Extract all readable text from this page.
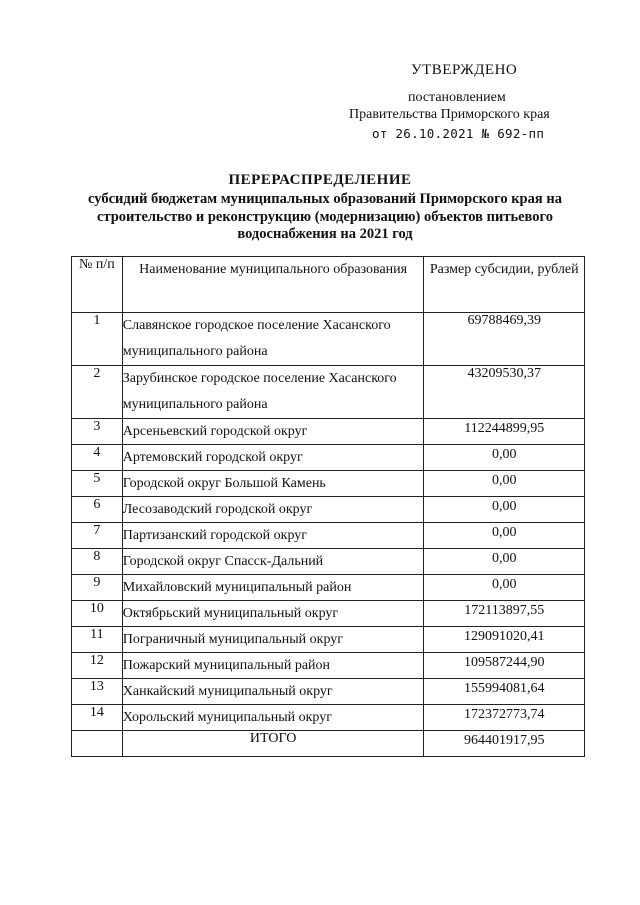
УТВЕРЖДЕНО
постановлением
Правительства Приморского края
от 26.10.2021 № 692-пп
ПЕРЕРАСПРЕДЕЛЕНИЕ
субсидий бюджетам муниципальных образований Приморского края на строительство и реконструкцию (модернизацию) объектов питьевого водоснабжения на 2021 год
№ п/п	Наименование муниципального образования	Размер субсидии, рублей
1	Славянское городское поселение Хасанского муниципального района	69788469,39
2	Зарубинское городское поселение Хасанского муниципального района	43209530,37
3	Арсеньевский городской округ	112244899,95
4	Артемовский городской округ	0,00
5	Городской округ Большой Камень	0,00
6	Лесозаводский городской округ	0,00
7	Партизанский городской округ	0,00
8	Городской округ Спасск-Дальний	0,00
9	Михайловский муниципальный район	0,00
10	Октябрьский муниципальный округ	172113897,55
11	Пограничный муниципальный округ	129091020,41
12	Пожарский муниципальный район	109587244,90
13	Ханкайский муниципальный округ	155994081,64
14	Хорольский муниципальный округ	172372773,74
	ИТОГО	964401917,95
